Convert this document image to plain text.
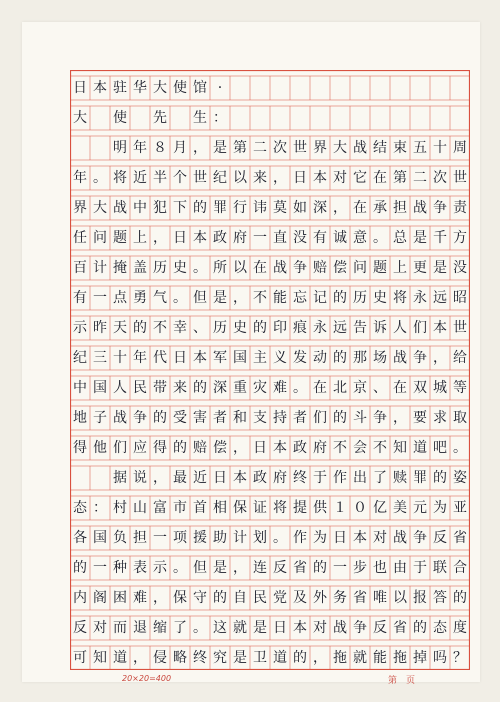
日 本 驻 华 大 使 馆 ·
大
　 使
　 先
　 生 ：

明 年 ８ 月 ， 是 第 二 次 世 界 大 战 结 束 五 十 周
年 。 将 近 半 个 世 纪 以 来 ， 日 本 对 它 在 第 二 次 世
界 大 战 中 犯 下 的 罪 行 讳 莫 如 深 ， 在 承 担 战 争 责
任 问 题 上 ， 日 本 政 府 一 直 没 有 诚 意 。 总 是 千 方
百 计 掩 盖 历 史 。 所 以 在 战 争 赔 偿 问 题 上 更 是 没
有 一 点 勇 气 。 但 是 ， 不 能 忘 记 的 历 史 将 永 远 昭
示 昨 天 的 不 幸 、 历 史 的 印 痕 永 远 告 诉 人 们 本 世
纪 三 十 年 代 日 本 军 国 主 义 发 动 的 那 场 战 争 ， 给
中 国 人 民 带 来 的 深 重 灾 难 。 在 北 京 、 在 双 城 等
地 子 战 争 的 受 害 者 和 支 持 者 们 的 斗 争 ， 要 求 取
得 他 们 应 得 的 赔 偿 ， 日 本 政 府 不 会 不 知 道 吧 。

据 说 ， 最 近 日 本 政 府 终 于 作 出 了 赎 罪 的 姿
态 ： 村 山 富 市 首 相 保 证 将 提 供 １ ０ 亿 美 元 为 亚
各 国 负 担 一 项 援 助 计 划 。 作 为 日 本 对 战 争 反 省
的 一 种 表 示 。 但 是 ， 连 反 省 的 一 步 也 由 于 联 合
内 阁 困 难 ， 保 守 的 自 民 党 及 外 务 省 唯 以 报 答 的
反 对 而 退 缩 了 。 这 就 是 日 本 对 战 争 反 省 的 态 度
可 知 道 ， 侵 略 终 究 是 卫 道 的 ， 拖 就 能 拖 掉 吗 ？
20×20=400	第　页
